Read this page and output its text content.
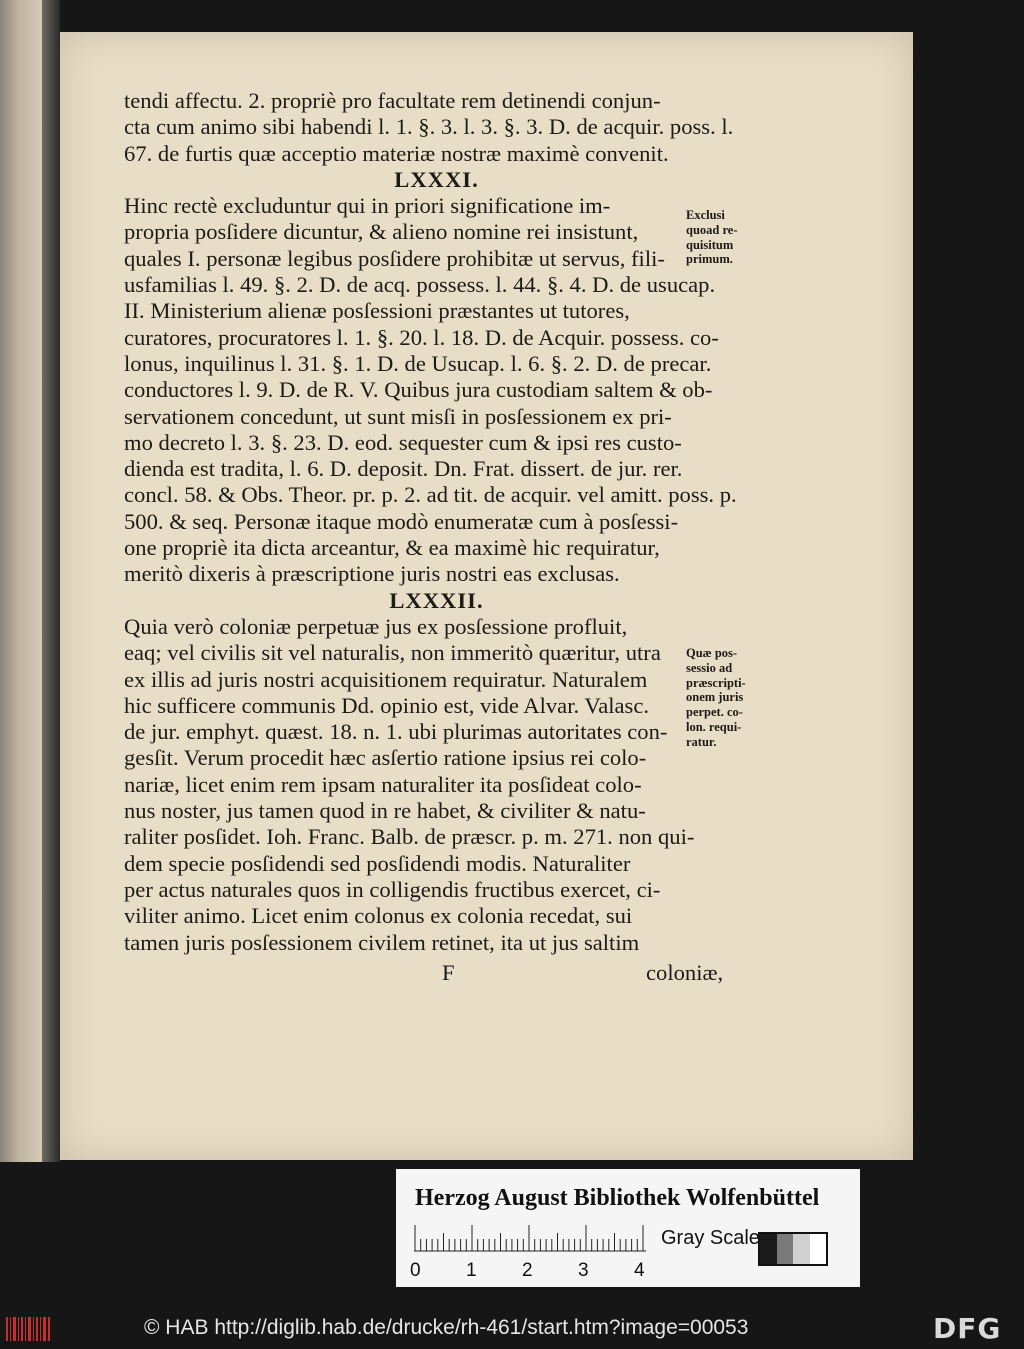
tendi affectu. 2. propriè pro facultate rem detinendi conjun-
cta cum animo sibi habendi l. 1. §. 3. l. 3. §. 3. D. de acquir. poss. l.
67. de furtis quæ acceptio materiæ nostræ maximè convenit.
LXXXI.
Hinc rectè excluduntur qui in priori significatione im-
propria posſidere dicuntur, & alieno nomine rei insistunt,
quales I. personæ legibus posſidere prohibitæ ut servus, fili-
usfamilias l. 49. §. 2. D. de acq. possess. l. 44. §. 4. D. de usucap.
II. Ministerium alienæ posſessioni præstantes ut tutores,
curatores, procuratores l. 1. §. 20. l. 18. D. de Acquir. possess. co-
lonus, inquilinus l. 31. §. 1. D. de Usucap. l. 6. §. 2. D. de precar.
conductores l. 9. D. de R. V. Quibus jura custodiam saltem & ob-
servationem concedunt, ut sunt misſi in posſessionem ex pri-
mo decreto l. 3. §. 23. D. eod. sequester cum & ipsi res custo-
dienda est tradita, l. 6. D. deposit. Dn. Frat. dissert. de jur. rer.
concl. 58. & Obs. Theor. pr. p. 2. ad tit. de acquir. vel amitt. poss. p.
500. & seq. Personæ itaque modò enumeratæ cum à posſessi-
one propriè ita dicta arceantur, & ea maximè hic requiratur,
meritò dixeris à præscriptione juris nostri eas exclusas.
LXXXII.
Quia verò coloniæ perpetuæ jus ex posſessione profluit,
eaq; vel civilis sit vel naturalis, non immeritò quæritur, utra
ex illis ad juris nostri acquisitionem requiratur. Naturalem
hic sufficere communis Dd. opinio est, vide Alvar. Valasc.
de jur. emphyt. quæst. 18. n. 1. ubi plurimas autoritates con-
gesſit. Verum procedit hæc asſertio ratione ipsius rei colo-
nariæ, licet enim rem ipsam naturaliter ita posſideat colo-
nus noster, jus tamen quod in re habet, & civiliter & natu-
raliter posſidet. Ioh. Franc. Balb. de præscr. p. m. 271. non qui-
dem specie posſidendi sed posſidendi modis. Naturaliter
per actus naturales quos in colligendis fructibus exercet, ci-
viliter animo. Licet enim colonus ex colonia recedat, sui
tamen juris posſessionem civilem retinet, ita ut jus saltim
F	coloniæ,
Exclusi
quoad re-
quisitum
primum.
Quæ pos-
sessio ad
præscripti-
onem juris
perpet. co-
lon. requi-
ratur.
Herzog August Bibliothek Wolfenbüttel
0 1 2 3 4
Gray Scale
© HAB http://diglib.hab.de/drucke/rh-461/start.htm?image=00053	DFG
